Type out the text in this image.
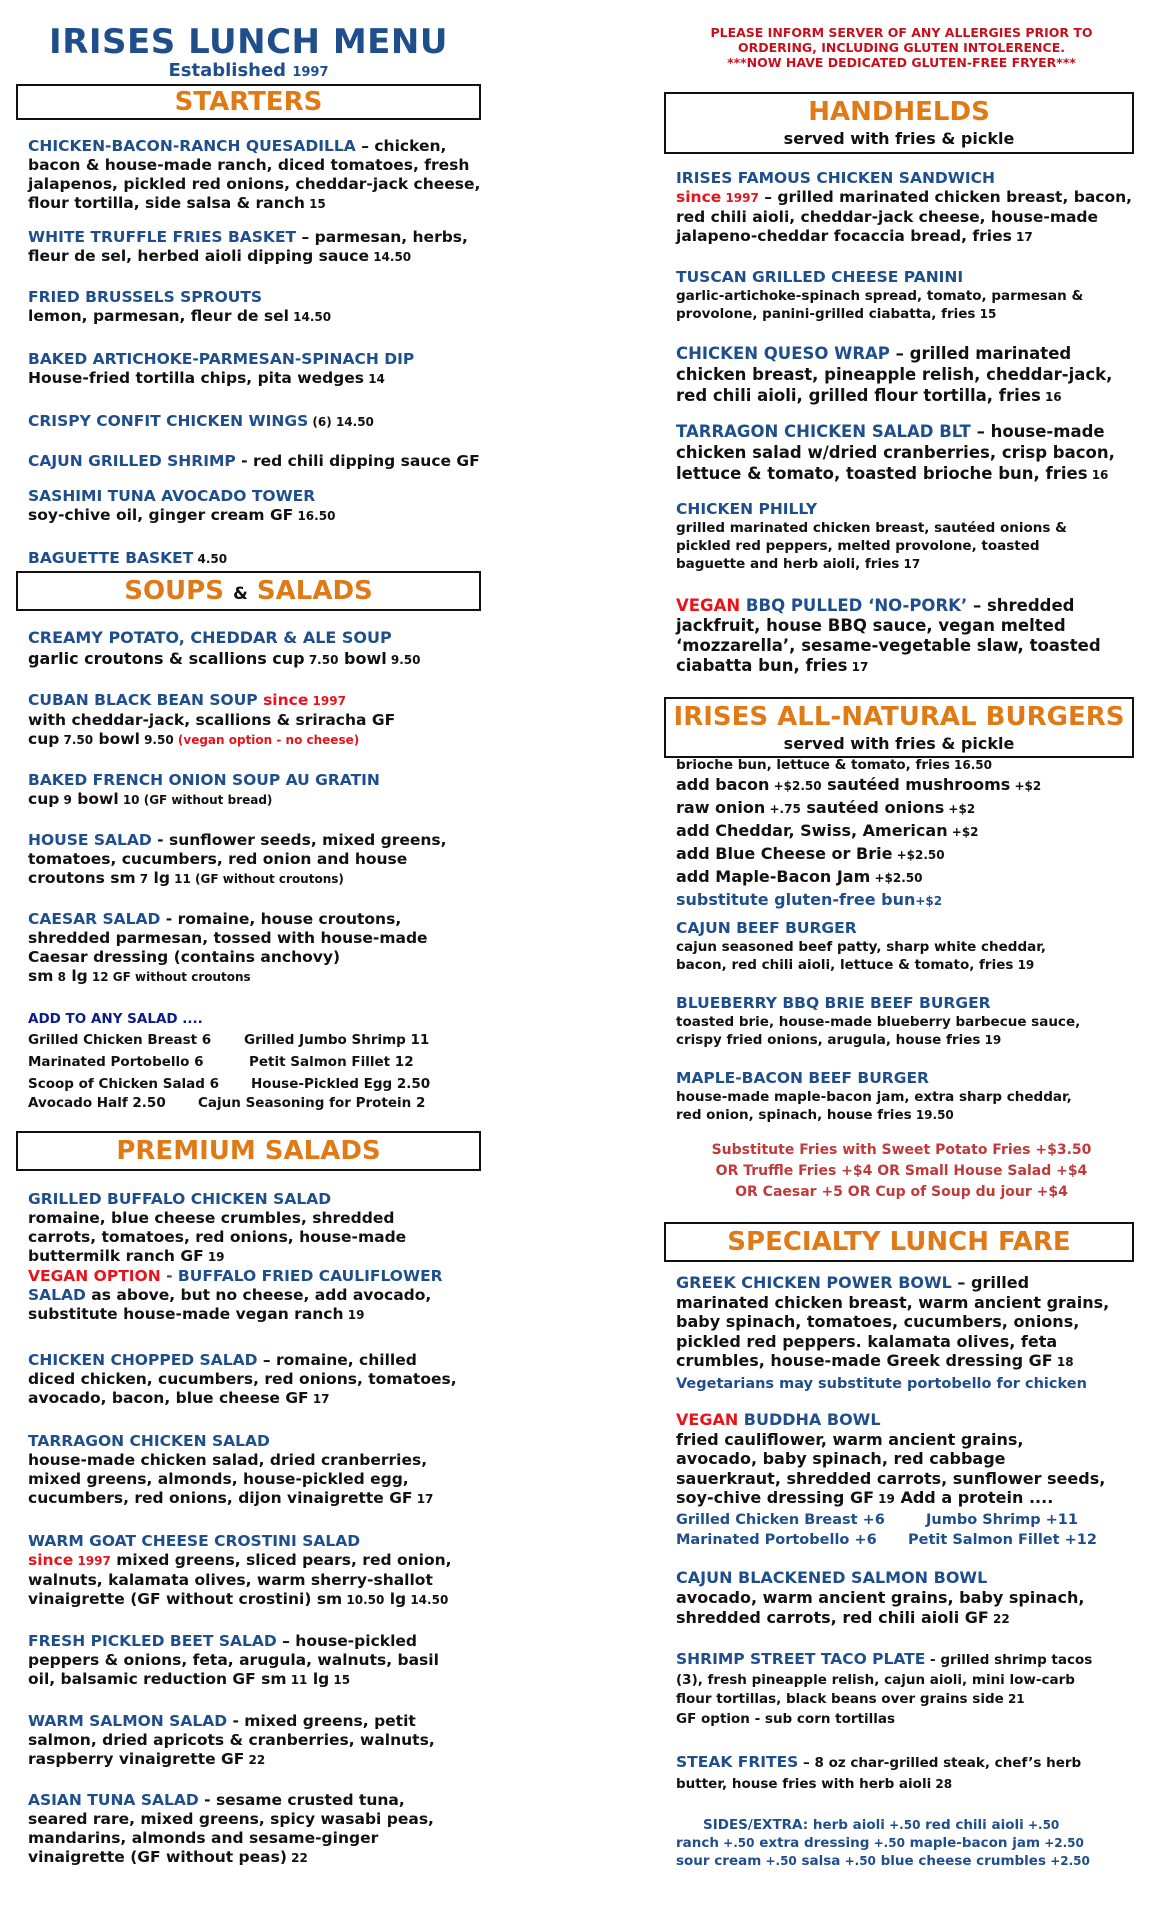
IRISES LUNCH MENU
Established 1997
STARTERS
CHICKEN-BACON-RANCH QUESADILLA – chicken,
bacon & house-made ranch, diced tomatoes, fresh
jalapenos, pickled red onions, cheddar-jack cheese,
flour tortilla, side salsa & ranch 15
WHITE TRUFFLE FRIES BASKET – parmesan, herbs,
fleur de sel, herbed aioli dipping sauce 14.50
FRIED BRUSSELS SPROUTS
lemon, parmesan, fleur de sel 14.50
BAKED ARTICHOKE-PARMESAN-SPINACH DIP
House-fried tortilla chips, pita wedges 14
CRISPY CONFIT CHICKEN WINGS (6) 14.50
CAJUN GRILLED SHRIMP - red chili dipping sauce GF
SASHIMI TUNA AVOCADO TOWER
soy-chive oil, ginger cream GF 16.50
BAGUETTE BASKET 4.50
SOUPS & SALADS
CREAMY POTATO, CHEDDAR & ALE SOUP
garlic croutons & scallions cup 7.50 bowl 9.50
CUBAN BLACK BEAN SOUP since 1997
with cheddar-jack, scallions & sriracha GF
cup 7.50 bowl 9.50 (vegan option - no cheese)
BAKED FRENCH ONION SOUP AU GRATIN
cup 9 bowl 10 (GF without bread)
HOUSE SALAD - sunflower seeds, mixed greens,
tomatoes, cucumbers, red onion and house
croutons sm 7 lg 11 (GF without croutons)
CAESAR SALAD - romaine, house croutons,
shredded parmesan, tossed with house-made
Caesar dressing (contains anchovy)
sm 8 lg 12 GF without croutons
ADD TO ANY SALAD ....
Grilled Chicken Breast 6	Grilled Jumbo Shrimp 11
Marinated Portobello 6	Petit Salmon Fillet 12
Scoop of Chicken Salad 6	House-Pickled Egg 2.50
Avocado Half 2.50	Cajun Seasoning for Protein 2
PREMIUM SALADS
GRILLED BUFFALO CHICKEN SALAD
romaine, blue cheese crumbles, shredded
carrots, tomatoes, red onions, house-made
buttermilk ranch GF 19
VEGAN OPTION - BUFFALO FRIED CAULIFLOWER
SALAD as above, but no cheese, add avocado,
substitute house-made vegan ranch 19
CHICKEN CHOPPED SALAD – romaine, chilled
diced chicken, cucumbers, red onions, tomatoes,
avocado, bacon, blue cheese GF 17
TARRAGON CHICKEN SALAD
house-made chicken salad, dried cranberries,
mixed greens, almonds, house-pickled egg,
cucumbers, red onions, dijon vinaigrette GF 17
WARM GOAT CHEESE CROSTINI SALAD
since 1997 mixed greens, sliced pears, red onion,
walnuts, kalamata olives, warm sherry-shallot
vinaigrette (GF without crostini) sm 10.50 lg 14.50
FRESH PICKLED BEET SALAD – house-pickled
peppers & onions, feta, arugula, walnuts, basil
oil, balsamic reduction GF sm 11 lg 15
WARM SALMON SALAD - mixed greens, petit
salmon, dried apricots & cranberries, walnuts,
raspberry vinaigrette GF 22
ASIAN TUNA SALAD - sesame crusted tuna,
seared rare, mixed greens, spicy wasabi peas,
mandarins, almonds and sesame-ginger
vinaigrette (GF without peas) 22
PLEASE INFORM SERVER OF ANY ALLERGIES PRIOR TO
ORDERING, INCLUDING GLUTEN INTOLERENCE.
***NOW HAVE DEDICATED GLUTEN-FREE FRYER***
HANDHELDS
served with fries & pickle
IRISES FAMOUS CHICKEN SANDWICH
since 1997 – grilled marinated chicken breast, bacon,
red chili aioli, cheddar-jack cheese, house-made
jalapeno-cheddar focaccia bread, fries 17
TUSCAN GRILLED CHEESE PANINI
garlic-artichoke-spinach spread, tomato, parmesan &
provolone, panini-grilled ciabatta, fries 15
CHICKEN QUESO WRAP – grilled marinated
chicken breast, pineapple relish, cheddar-jack,
red chili aioli, grilled flour tortilla, fries 16
TARRAGON CHICKEN SALAD BLT – house-made
chicken salad w/dried cranberries, crisp bacon,
lettuce & tomato, toasted brioche bun, fries 16
CHICKEN PHILLY
grilled marinated chicken breast, sautéed onions &
pickled red peppers, melted provolone, toasted
baguette and herb aioli, fries 17
VEGAN BBQ PULLED ‘NO-PORK’ – shredded
jackfruit, house BBQ sauce, vegan melted
‘mozzarella’, sesame-vegetable slaw, toasted
ciabatta bun, fries 17
IRISES ALL-NATURAL BURGERS
served with fries & pickle
brioche bun, lettuce & tomato, fries 16.50
add bacon +$2.50 sautéed mushrooms +$2
raw onion +.75 sautéed onions +$2
add Cheddar, Swiss, American +$2
add Blue Cheese or Brie +$2.50
add Maple-Bacon Jam +$2.50
substitute gluten-free bun+$2
CAJUN BEEF BURGER
cajun seasoned beef patty, sharp white cheddar,
bacon, red chili aioli, lettuce & tomato, fries 19
BLUEBERRY BBQ BRIE BEEF BURGER
toasted brie, house-made blueberry barbecue sauce,
crispy fried onions, arugula, house fries 19
MAPLE-BACON BEEF BURGER
house-made maple-bacon jam, extra sharp cheddar,
red onion, spinach, house fries 19.50
Substitute Fries with Sweet Potato Fries +$3.50
OR Truffle Fries +$4 OR Small House Salad +$4
OR Caesar +5 OR Cup of Soup du jour +$4
SPECIALTY LUNCH FARE
GREEK CHICKEN POWER BOWL – grilled
marinated chicken breast, warm ancient grains,
baby spinach, tomatoes, cucumbers, onions,
pickled red peppers. kalamata olives, feta
crumbles, house-made Greek dressing GF 18
Vegetarians may substitute portobello for chicken
VEGAN BUDDHA BOWL
fried cauliflower, warm ancient grains,
avocado, baby spinach, red cabbage
sauerkraut, shredded carrots, sunflower seeds,
soy-chive dressing GF 19 Add a protein ....
Grilled Chicken Breast +6	Jumbo Shrimp +11
Marinated Portobello +6	Petit Salmon Fillet +12
CAJUN BLACKENED SALMON BOWL
avocado, warm ancient grains, baby spinach,
shredded carrots, red chili aioli GF 22
SHRIMP STREET TACO PLATE - grilled shrimp tacos
(3), fresh pineapple relish, cajun aioli, mini low-carb
flour tortillas, black beans over grains side 21
GF option - sub corn tortillas
STEAK FRITES – 8 oz char-grilled steak, chef’s herb
butter, house fries with herb aioli 28
SIDES/EXTRA: herb aioli +.50 red chili aioli +.50
ranch +.50 extra dressing +.50 maple-bacon jam +2.50
sour cream +.50 salsa +.50 blue cheese crumbles +2.50
